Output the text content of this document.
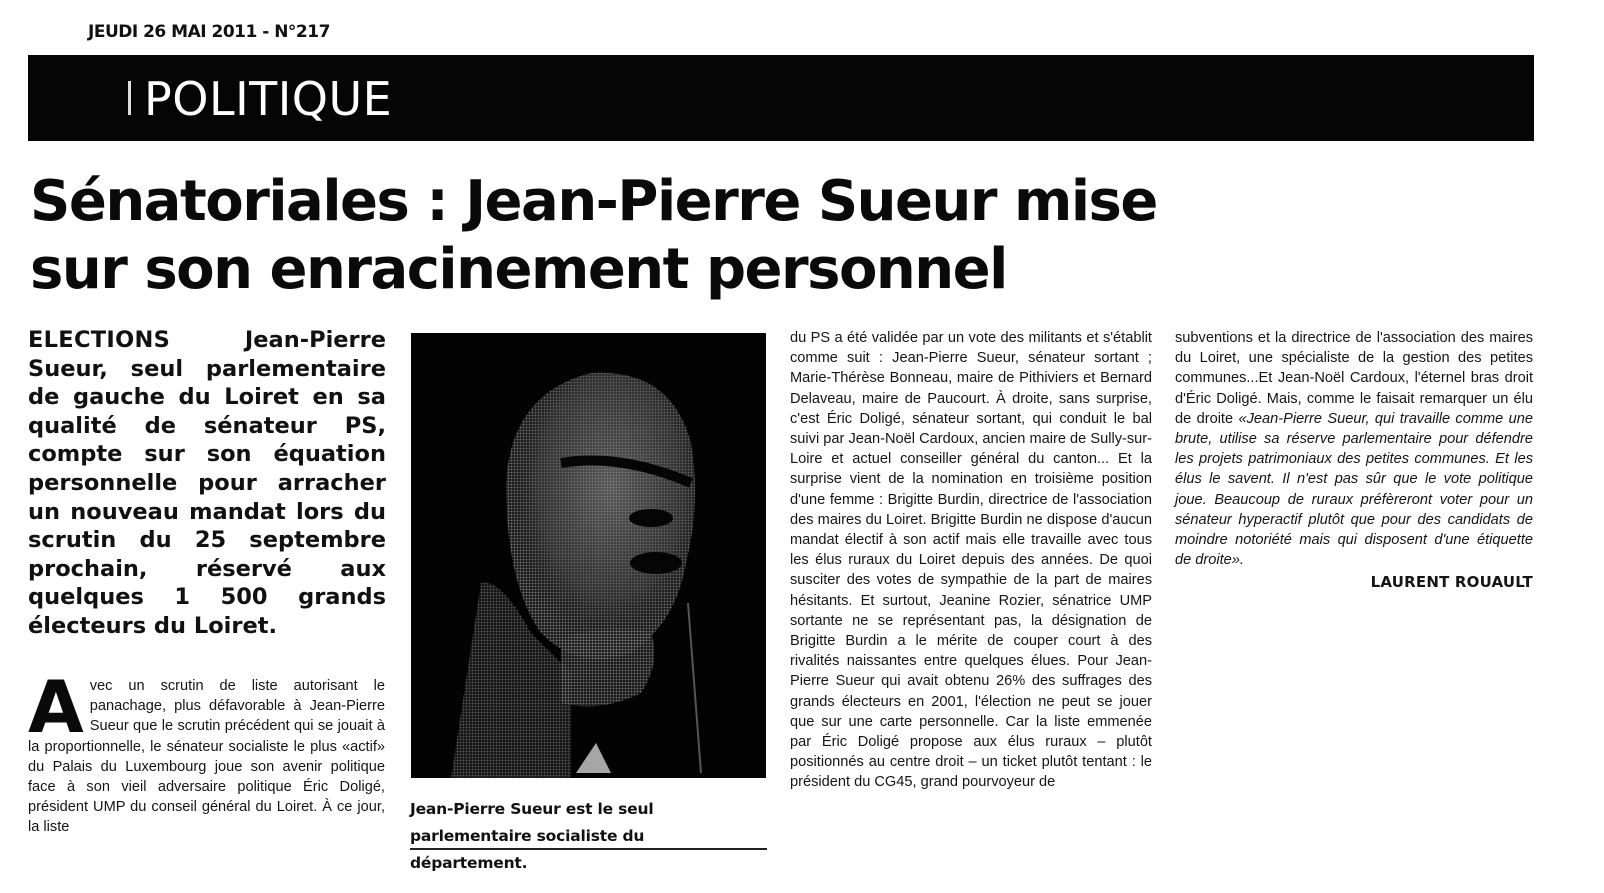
JEUDI 26 MAI 2011 - N°217
POLITIQUE
Sénatoriales : Jean-Pierre Sueur mise
sur son enracinement personnel
ELECTIONS	Jean-Pierre Sueur, seul parlementaire de gauche du Loiret en sa qualité de sénateur PS, compte sur son équation personnelle pour arracher un nouveau mandat lors du scrutin du 25 septembre prochain, réservé aux quelques 1 500 grands électeurs du Loiret.
A vec un scrutin de liste autorisant le panachage, plus défavorable à Jean-Pierre Sueur que le scrutin précédent qui se jouait à la proportionnelle, le sénateur socialiste le plus «actif» du Palais du Luxembourg joue son avenir politique face à son vieil adversaire politique Éric Doligé, président UMP du conseil général du Loiret. À ce jour, la liste
Jean-Pierre Sueur est le seul parlementaire socialiste du département.
du PS a été validée par un vote des militants et s'établit comme suit : Jean-Pierre Sueur, sénateur sortant ; Marie-Thérèse Bonneau, maire de Pithiviers et Bernard Delaveau, maire de Paucourt. À droite, sans surprise, c'est Éric Doligé, sénateur sortant, qui conduit le bal suivi par Jean-Noël Cardoux, ancien maire de Sully-sur-Loire et actuel conseiller général du canton... Et la surprise vient de la nomination en troisième position d'une femme : Brigitte Burdin, directrice de l'association des maires du Loiret. Brigitte Burdin ne dispose d'aucun mandat électif à son actif mais elle travaille avec tous les élus ruraux du Loiret depuis des années. De quoi susciter des votes de sympathie de la part de maires hésitants. Et surtout, Jeanine Rozier, sénatrice UMP sortante ne se représentant pas, la désignation de Brigitte Burdin a le mérite de couper court à des rivalités naissantes entre quelques élues. Pour Jean-Pierre Sueur qui avait obtenu 26% des suffrages des grands électeurs en 2001, l'élection ne peut se jouer que sur une carte personnelle. Car la liste emmenée par Éric Doligé propose aux élus ruraux – plutôt positionnés au centre droit – un ticket plutôt tentant : le président du CG45, grand pourvoyeur de
subventions et la directrice de l'association des maires du Loiret, une spécialiste de la gestion des petites communes...Et Jean-Noël Cardoux, l'éternel bras droit d'Éric Doligé. Mais, comme le faisait remarquer un élu de droite «Jean-Pierre Sueur, qui travaille comme une brute, utilise sa réserve parlementaire pour défendre les projets patrimoniaux des petites communes. Et les élus le savent. Il n'est pas sûr que le vote politique joue. Beaucoup de ruraux préfèreront voter pour un sénateur hyperactif plutôt que pour des candidats de moindre notoriété mais qui disposent d'une étiquette de droite».
LAURENT ROUAULT
